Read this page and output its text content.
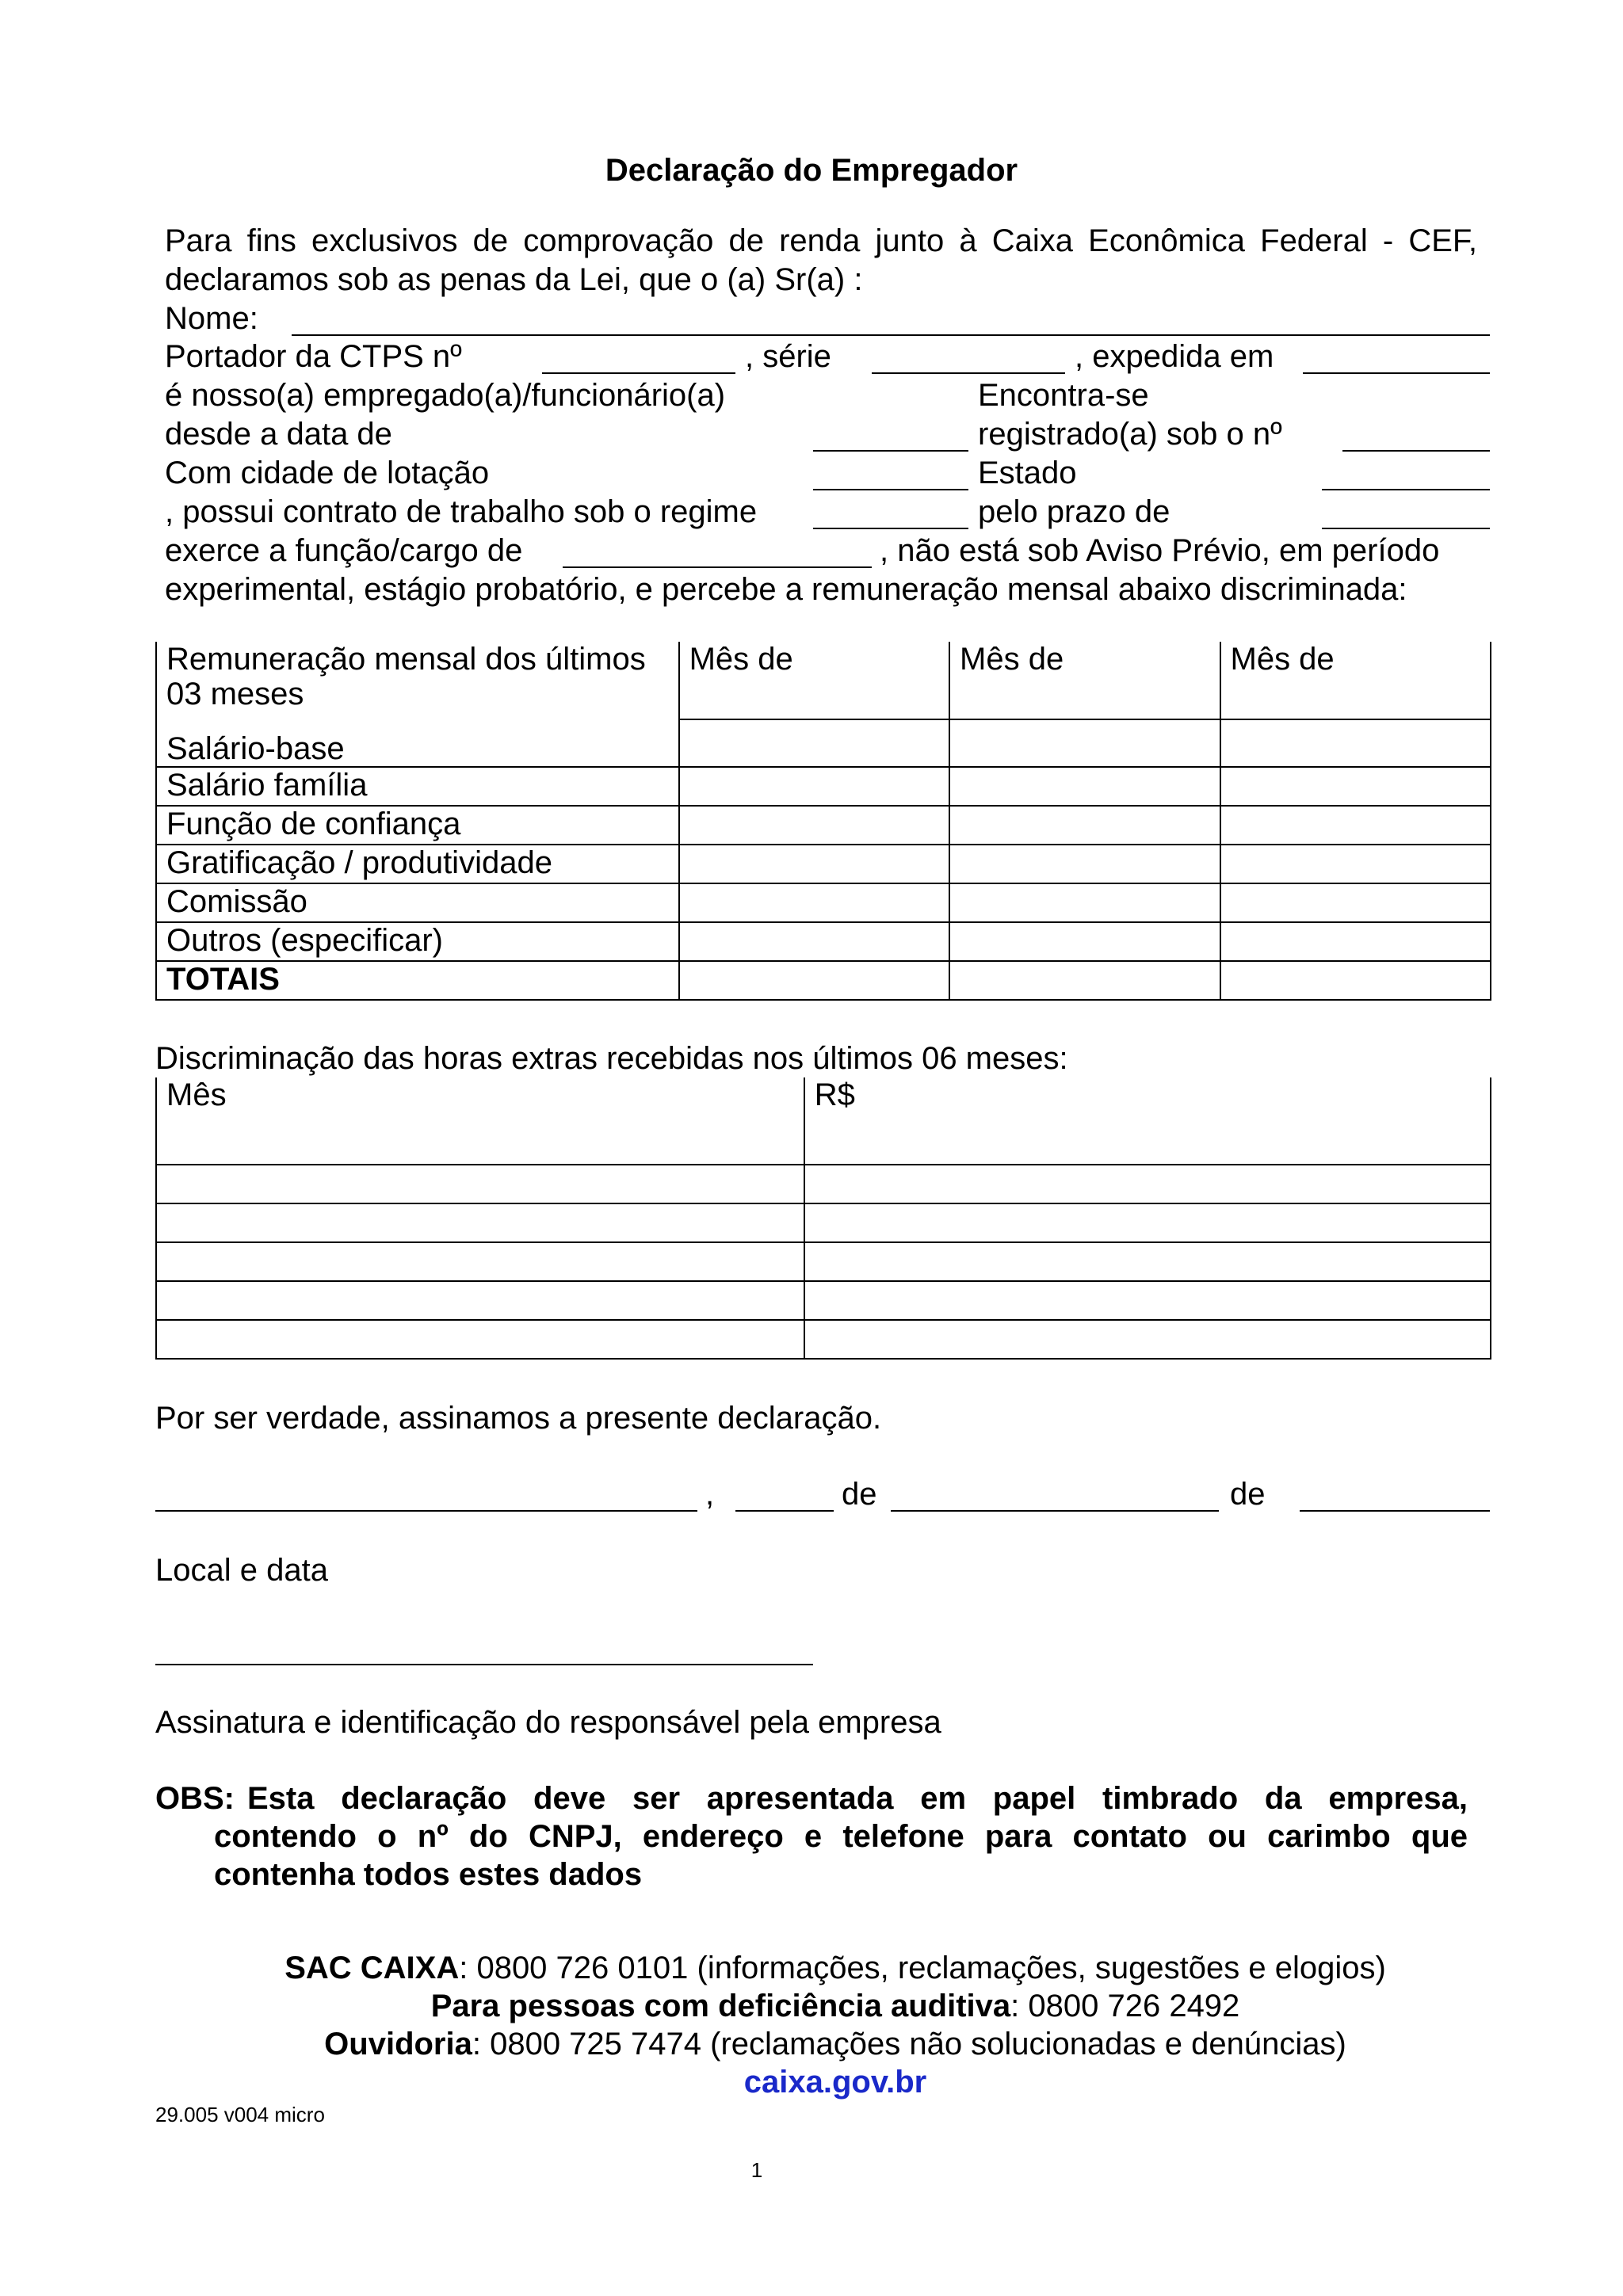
Declaração do Empregador
Para fins exclusivos de comprovação de renda junto à Caixa Econômica Federal - CEF,
declaramos sob as penas da Lei, que o (a) Sr(a) :
Nome:
Portador da CTPS nº	, série	, expedida em
é nosso(a) empregado(a)/funcionário(a)	Encontra-se
desde a data de	registrado(a) sob o nº
Com cidade de lotação	Estado
, possui contrato de trabalho sob o regime	pelo prazo de
exerce a função/cargo de	, não está sob Aviso Prévio, em período
experimental, estágio probatório, e percebe a remuneração mensal abaixo discriminada:
Remuneração mensal dos últimos
03 meses	Mês de	Mês de	Mês de
Salário-base			
Salário família			
Função de confiança			
Gratificação / produtividade			
Comissão			
Outros (especificar)			
TOTAIS			
Discriminação das horas extras recebidas nos últimos 06 meses:
Mês	R$

Por ser verdade, assinamos a presente declaração.
,	de	de
Local e data
Assinatura e identificação do responsável pela empresa
OBS: Esta declaração deve ser apresentada em papel timbrado da empresa,
contendo o nº do CNPJ, endereço e telefone para contato ou carimbo que
contenha todos estes dados
SAC CAIXA: 0800 726 0101 (informações, reclamações, sugestões e elogios)
Para pessoas com deficiência auditiva: 0800 726 2492
Ouvidoria: 0800 725 7474 (reclamações não solucionadas e denúncias)
caixa.gov.br
29.005 v004 micro
1
